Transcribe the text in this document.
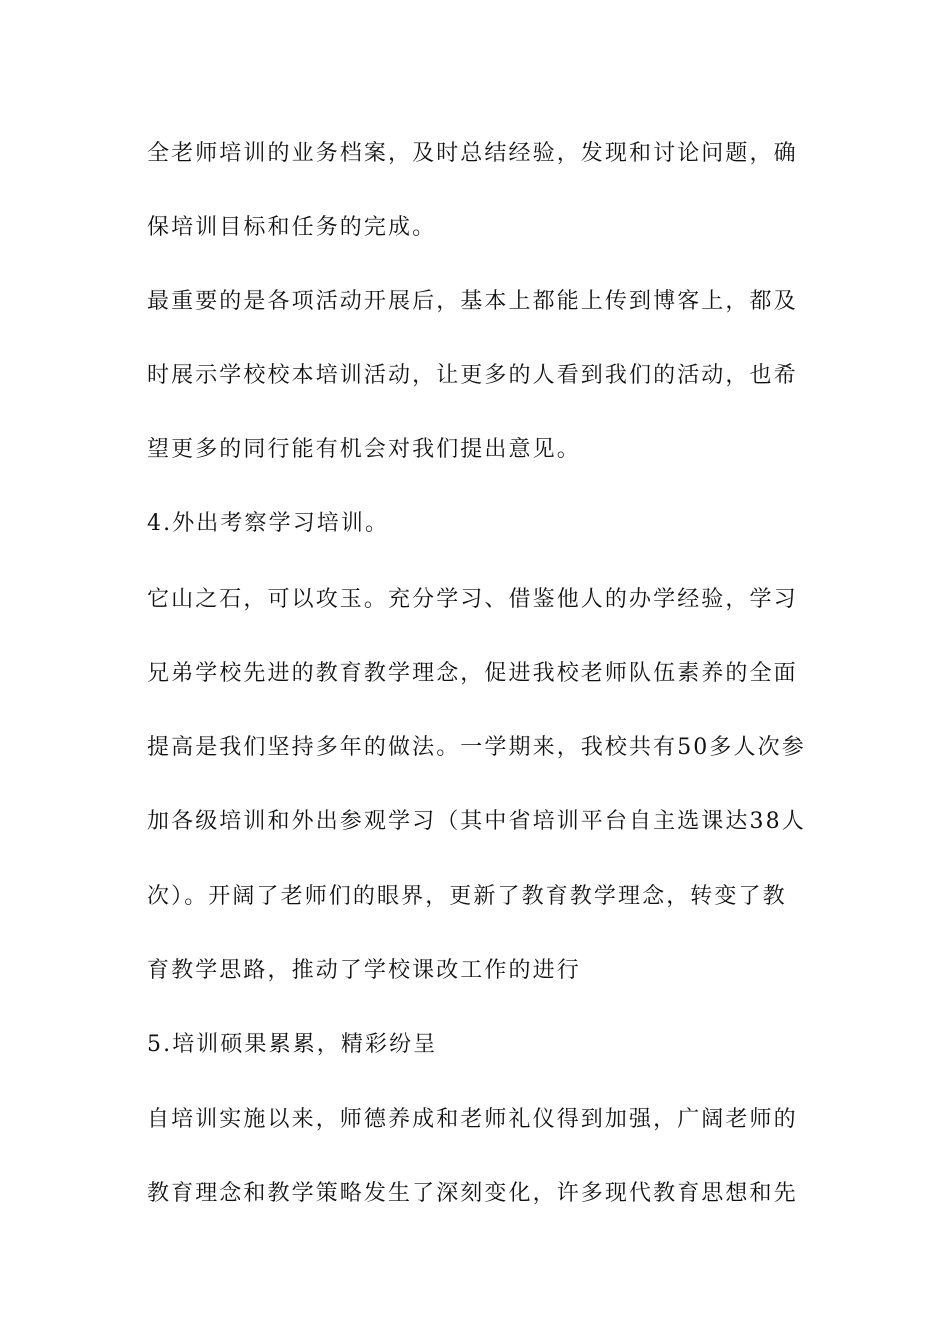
全老师培训的业务档案，及时总结经验，发现和讨论问题，确
保培训目标和任务的完成。
最重要的是各项活动开展后，基本上都能上传到博客上，都及
时展示学校校本培训活动，让更多的人看到我们的活动，也希
望更多的同行能有机会对我们提出意见。
4.外出考察学习培训。
它山之石，可以攻玉。充分学习、借鉴他人的办学经验，学习
兄弟学校先进的教育教学理念，促进我校老师队伍素养的全面
提高是我们坚持多年的做法。一学期来，我校共有50多人次参
加各级培训和外出参观学习（其中省培训平台自主选课达38人
次）。开阔了老师们的眼界，更新了教育教学理念，转变了教
育教学思路，推动了学校课改工作的进行
5.培训硕果累累，精彩纷呈
自培训实施以来，师德养成和老师礼仪得到加强，广阔老师的
教育理念和教学策略发生了深刻变化，许多现代教育思想和先
